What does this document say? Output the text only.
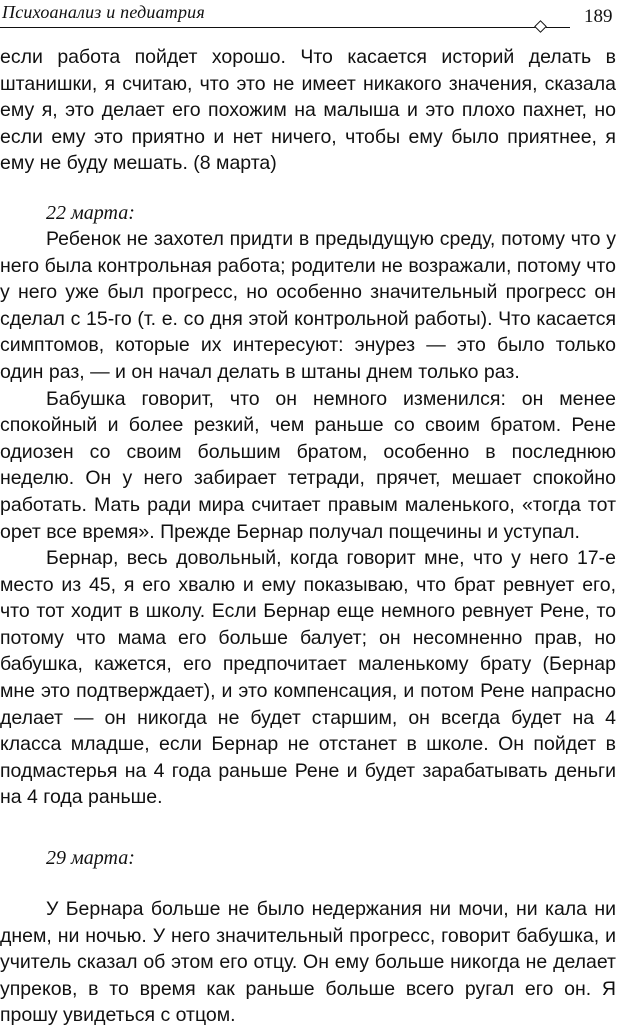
Психоанализ и педиатрия	189

если работа пойдет хорошо. Что касается историй делать в штанишки, я считаю, что это не имеет никакого значения, сказала ему я, это делает его похожим на малыша и это плохо пахнет, но если ему это приятно и нет ничего, чтобы ему было приятнее, я ему не буду мешать. (8 марта)

22 марта:

Ребенок не захотел придти в предыдущую среду, потому что у него была контрольная работа; родители не возражали, потому что у него уже был прогресс, но особенно значительный прогресс он сделал с 15-го (т. е. со дня этой контрольной работы). Что касается симптомов, которые их интересуют: энурез — это было только один раз, — и он начал делать в штаны днем только раз.

Бабушка говорит, что он немного изменился: он менее спокойный и более резкий, чем раньше со своим братом. Рене одиозен со своим большим братом, особенно в последнюю неделю. Он у него забирает тетради, прячет, мешает спокойно работать. Мать ради мира считает правым маленького, «тогда тот орет все время». Прежде Бернар получал пощечины и уступал.

Бернар, весь довольный, когда говорит мне, что у него 17-е место из 45, я его хвалю и ему показываю, что брат ревнует его, что тот ходит в школу. Если Бернар еще немного ревнует Рене, то потому что мама его больше балует; он несомненно прав, но бабушка, кажется, его предпочитает маленькому брату (Бернар мне это подтверждает), и это компенсация, и потом Рене напрасно делает — он никогда не будет старшим, он всегда будет на 4 класса младше, если Бернар не отстанет в школе. Он пойдет в подмастерья на 4 года раньше Рене и будет зарабатывать деньги на 4 года раньше.

29 марта:

У Бернара больше не было недержания ни мочи, ни кала ни днем, ни ночью. У него значительный прогресс, говорит бабушка, и учитель сказал об этом его отцу. Он ему больше никогда не делает упреков, в то время как раньше больше всего ругал его он. Я прошу увидеться с отцом.
